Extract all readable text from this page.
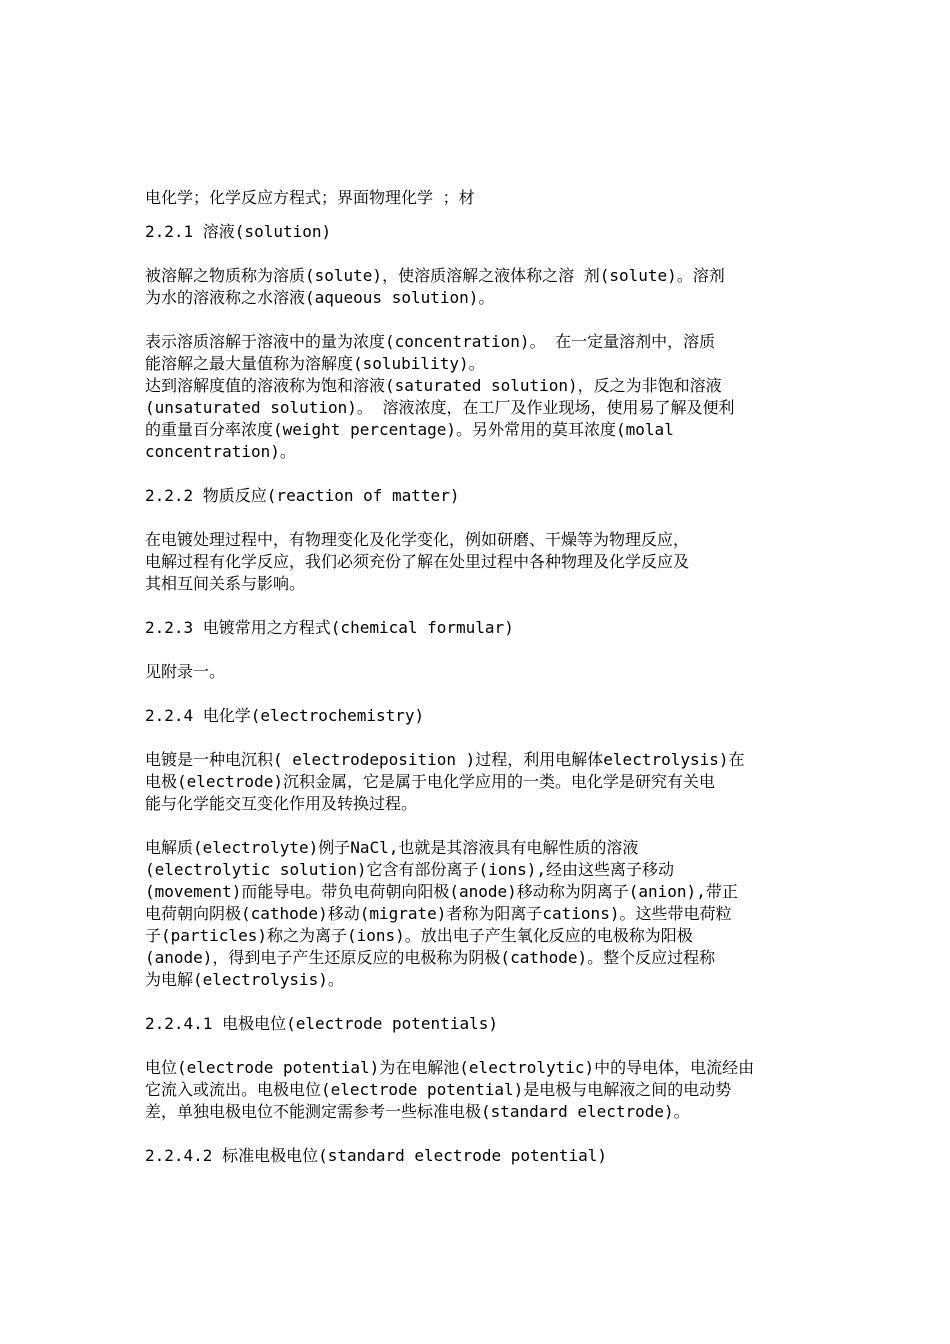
电化学；化学反应方程式；界面物理化学 ；材

2.2.1 溶液(solution)

被溶解之物质称为溶质(solute)，使溶质溶解之液体称之溶 剂(solute)。溶剂
为水的溶液称之水溶液(aqueous solution)。

表示溶质溶解于溶液中的量为浓度(concentration)。 在一定量溶剂中，溶质
能溶解之最大量值称为溶解度(solubility)。

达到溶解度值的溶液称为饱和溶液(saturated solution)，反之为非饱和溶液
(unsaturated solution)。 溶液浓度，在工厂及作业现场，使用易了解及便利
的重量百分率浓度(weight percentage)。另外常用的莫耳浓度(molal
concentration)。

2.2.2 物质反应(reaction of matter)

在电镀处理过程中，有物理变化及化学变化，例如研磨、干燥等为物理反应，
电解过程有化学反应，我们必须充份了解在处里过程中各种物理及化学反应及
其相互间关系与影响。

2.2.3 电镀常用之方程式(chemical formular)

见附录一。

2.2.4 电化学(electrochemistry)

电镀是一种电沉积( electrodeposition )过程，利用电解体electrolysis)在
电极(electrode)沉积金属，它是属于电化学应用的一类。电化学是研究有关电
能与化学能交互变化作用及转换过程。

电解质(electrolyte)例子NaCl,也就是其溶液具有电解性质的溶液
(electrolytic solution)它含有部份离子(ions),经由这些离子移动
(movement)而能导电。带负电荷朝向阳极(anode)移动称为阴离子(anion),带正
电荷朝向阴极(cathode)移动(migrate)者称为阳离子cations)。这些带电荷粒
子(particles)称之为离子(ions)。放出电子产生氧化反应的电极称为阳极
(anode)，得到电子产生还原反应的电极称为阴极(cathode)。整个反应过程称
为电解(electrolysis)。

2.2.4.1 电极电位(electrode potentials)

电位(electrode potential)为在电解池(electrolytic)中的导电体，电流经由
它流入或流出。电极电位(electrode potential)是电极与电解液之间的电动势
差，单独电极电位不能测定需参考一些标准电极(standard electrode)。

2.2.4.2 标准电极电位(standard electrode potential)
